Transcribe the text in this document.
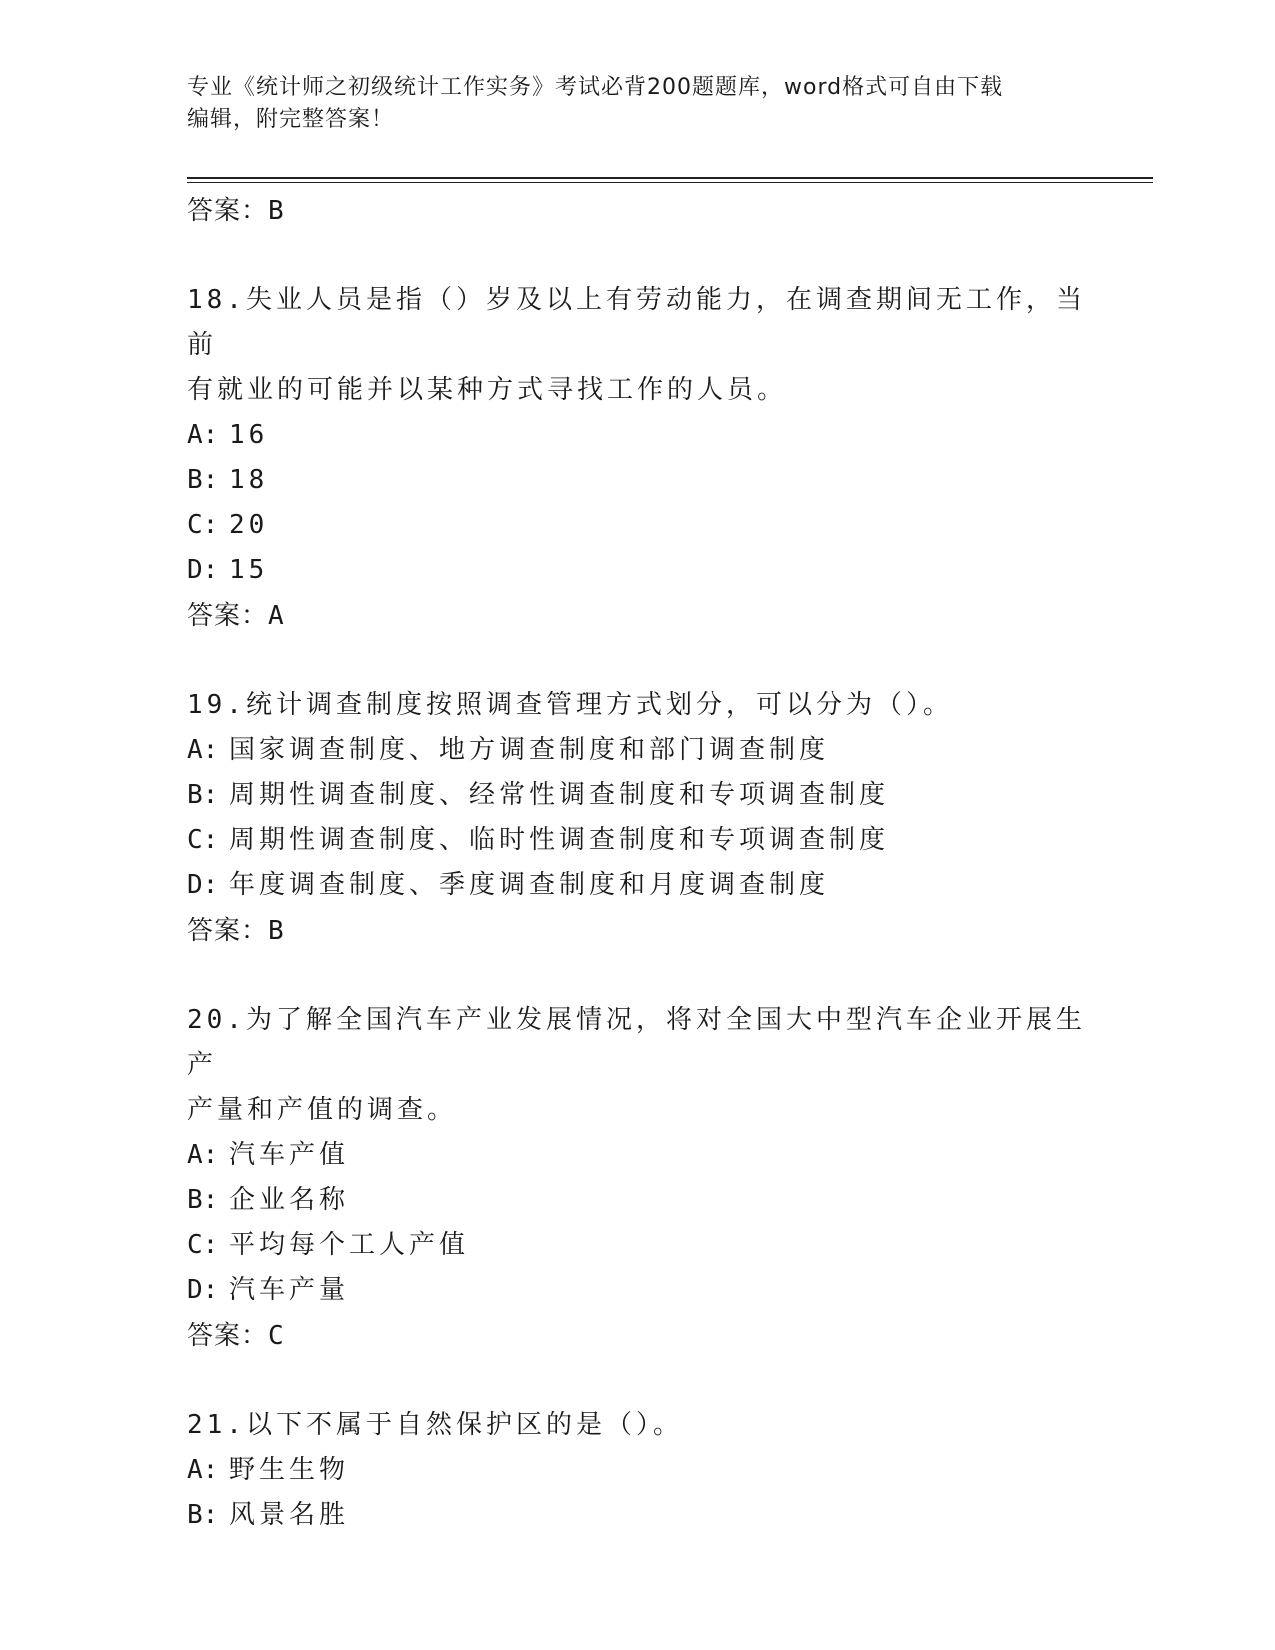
专业《统计师之初级统计工作实务》考试必背200题题库，word格式可自由下载
编辑，附完整答案！

答案：B

18.失业人员是指（）岁及以上有劳动能力，在调查期间无工作，当前
有就业的可能并以某种方式寻找工作的人员。

A: 16

B: 18

C: 20

D: 15

答案：A

19.统计调查制度按照调查管理方式划分，可以分为（）。

A: 国家调查制度、地方调查制度和部门调查制度

B: 周期性调查制度、经常性调查制度和专项调查制度

C: 周期性调查制度、临时性调查制度和专项调查制度

D: 年度调查制度、季度调查制度和月度调查制度

答案：B

20.为了解全国汽车产业发展情况，将对全国大中型汽车企业开展生产
产量和产值的调查。

A: 汽车产值

B: 企业名称

C: 平均每个工人产值

D: 汽车产量

答案：C

21.以下不属于自然保护区的是（）。

A: 野生生物

B: 风景名胜
